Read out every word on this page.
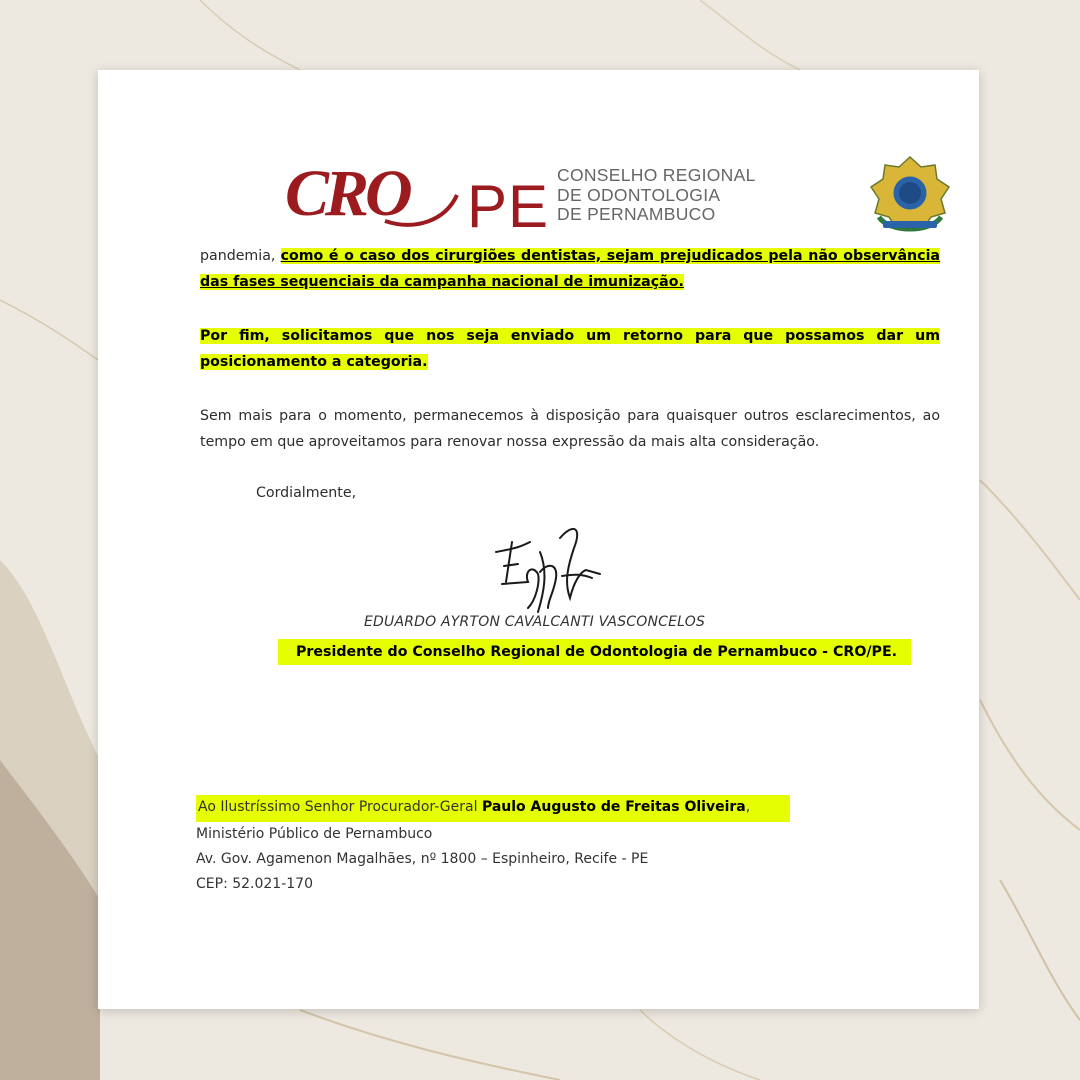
CRO PE CONSELHO REGIONAL
DE ODONTOLOGIA
DE PERNAMBUCO
pandemia, como é o caso dos cirurgiões dentistas, sejam prejudicados pela não observância das fases sequenciais da campanha nacional de imunização.
Por fim, solicitamos que nos seja enviado um retorno para que possamos dar um posicionamento a categoria.
Sem mais para o momento, permanecemos à disposição para quaisquer outros esclarecimentos, ao tempo em que aproveitamos para renovar nossa expressão da mais alta consideração.
Cordialmente,
EDUARDO AYRTON CAVALCANTI VASCONCELOS
Presidente do Conselho Regional de Odontologia de Pernambuco - CRO/PE.
Ao Ilustríssimo Senhor Procurador-Geral Paulo Augusto de Freitas Oliveira,
Ministério Público de Pernambuco
Av. Gov. Agamenon Magalhães, nº 1800 – Espinheiro, Recife - PE
CEP: 52.021-170
